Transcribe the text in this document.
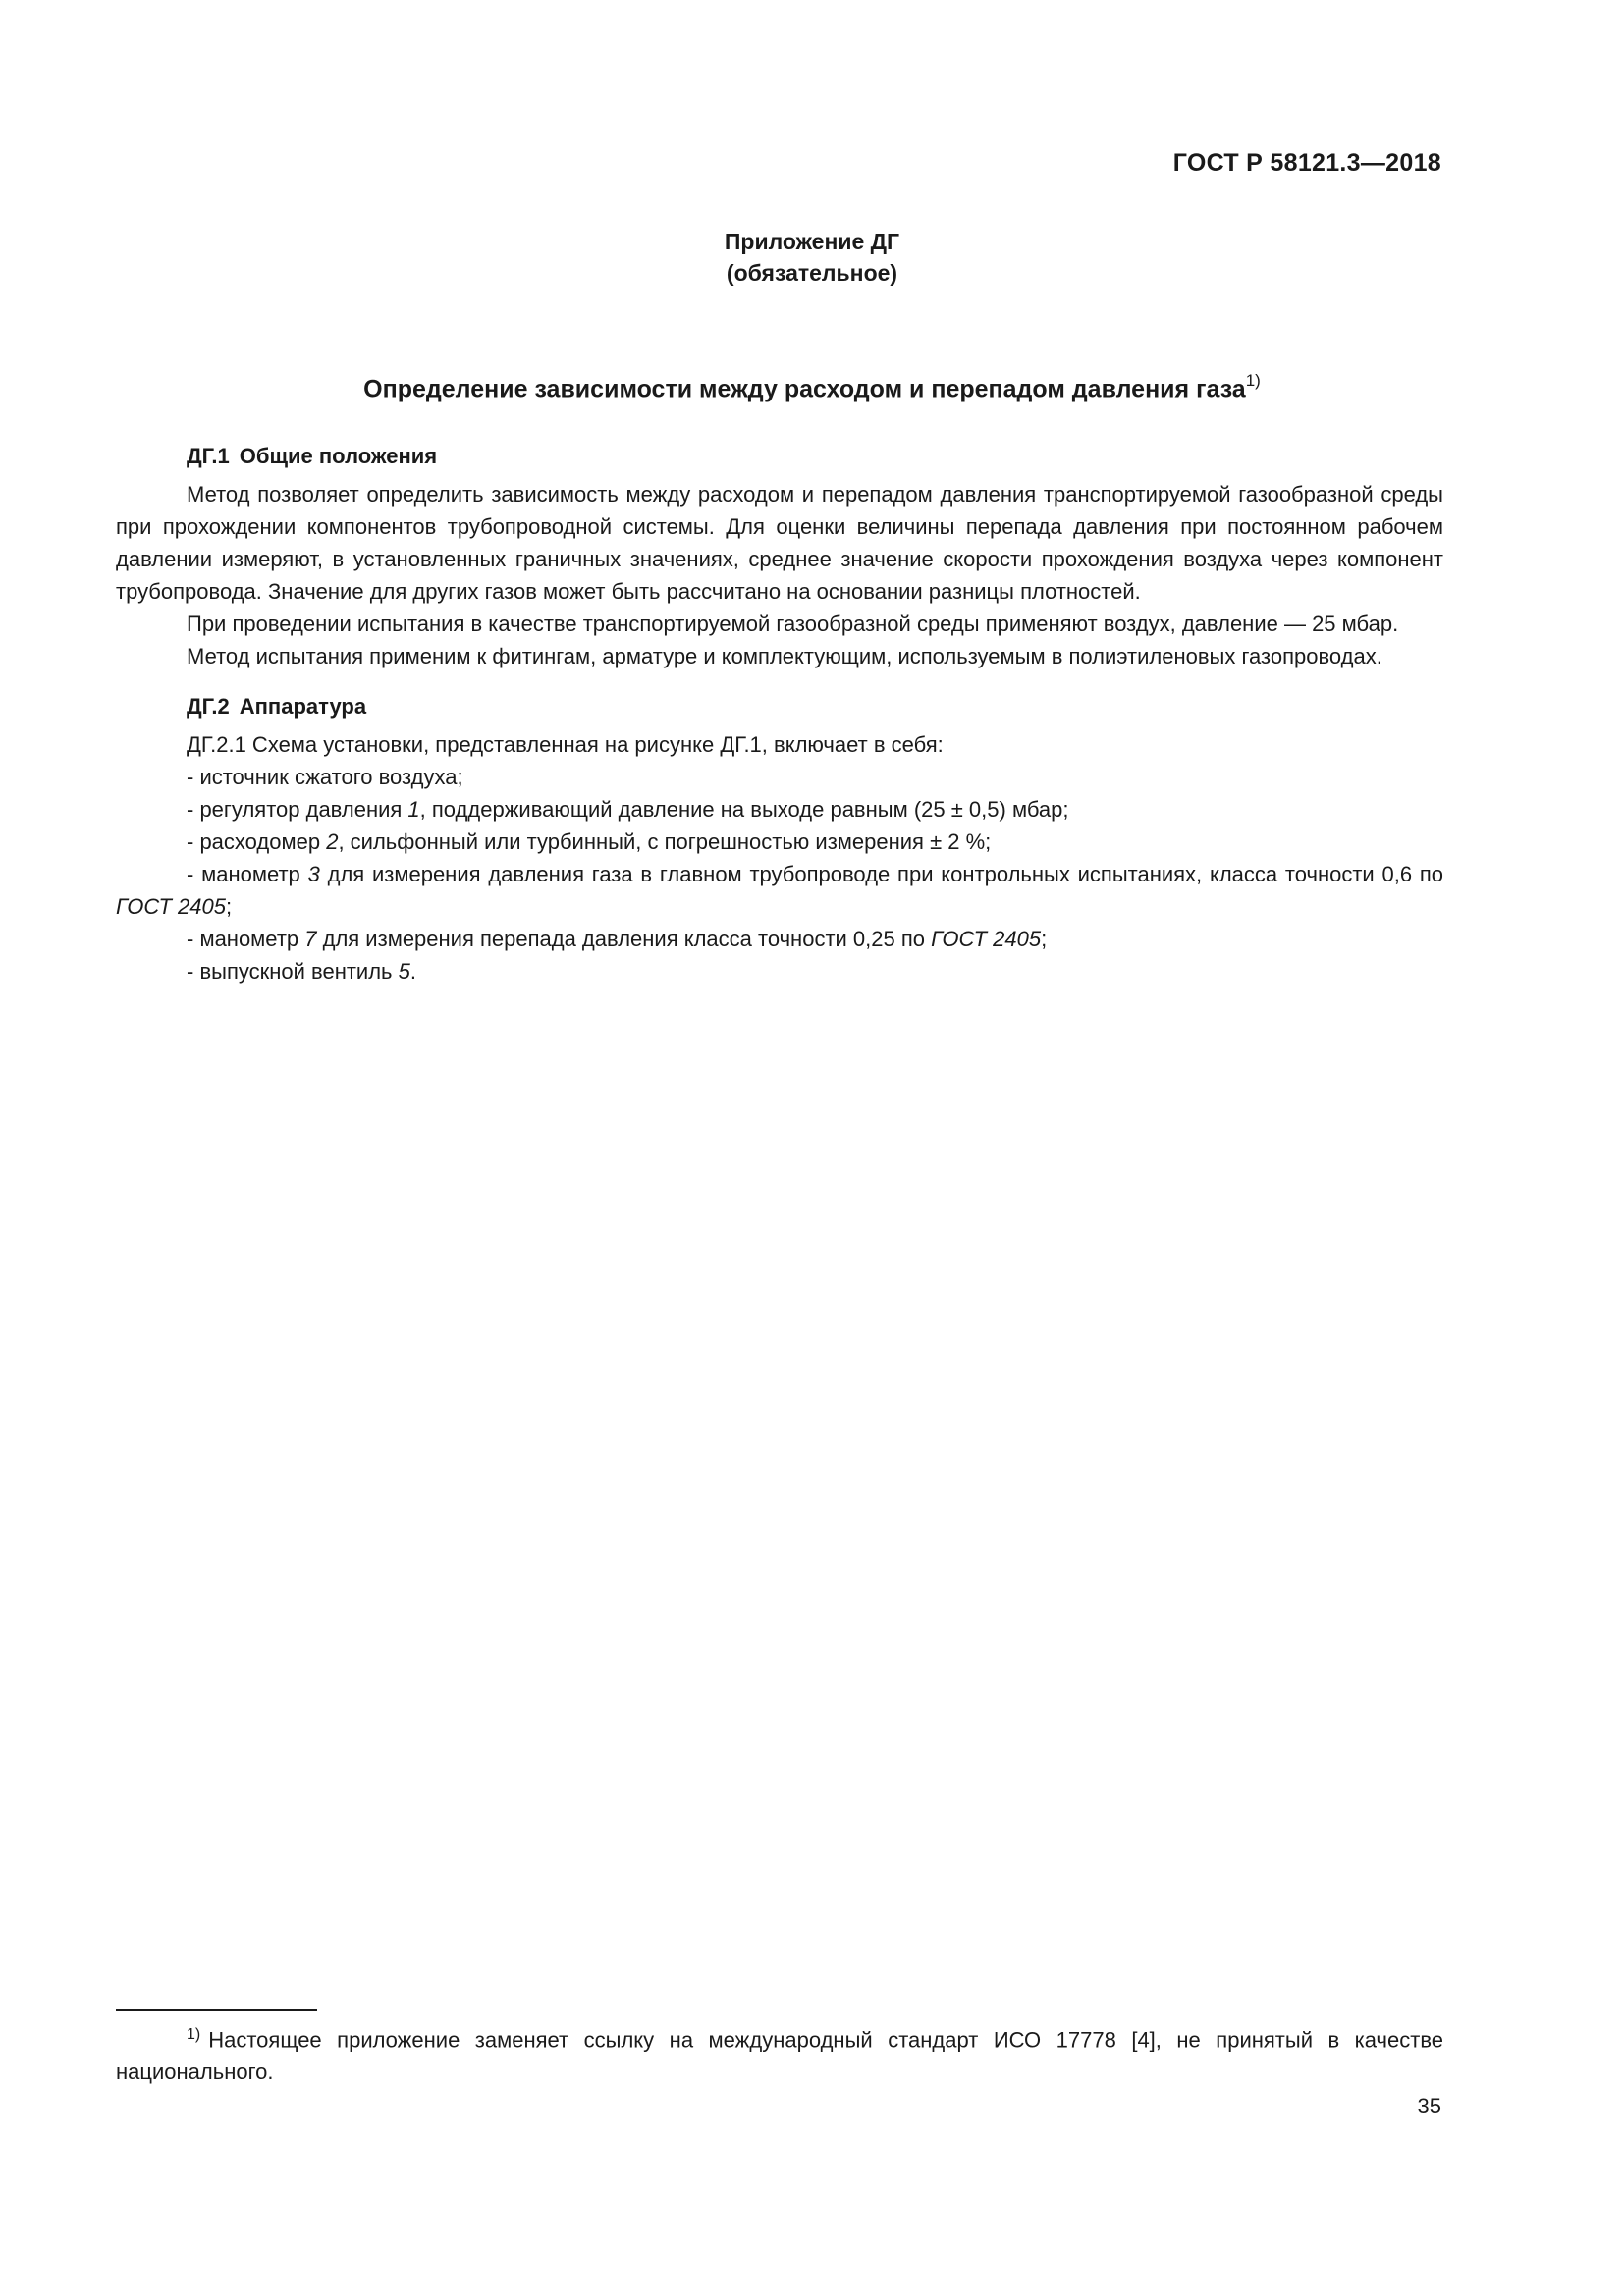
ГОСТ Р 58121.3—2018
Приложение ДГ
(обязательное)
Определение зависимости между расходом и перепадом давления газа$^{1)}$
ДГ.1 Общие положения

Метод позволяет определить зависимость между расходом и перепадом давления транспортируемой газообразной среды при прохождении компонентов трубопроводной системы. Для оценки величины перепада давления при постоянном рабочем давлении измеряют, в установленных граничных значениях, среднее значение скорости прохождения воздуха через компонент трубопровода. Значение для других газов может быть рассчитано на основании разницы плотностей.

При проведении испытания в качестве транспортируемой газообразной среды применяют воздух, давление — 25 мбар.

Метод испытания применим к фитингам, арматуре и комплектующим, используемым в полиэтиленовых газопроводах.

ДГ.2 Аппаратура

ДГ.2.1 Схема установки, представленная на рисунке ДГ.1, включает в себя:

- источник сжатого воздуха;

- регулятор давления 1, поддерживающий давление на выходе равным (25 ± 0,5) мбар;

- расходомер 2, сильфонный или турбинный, с погрешностью измерения ± 2 %;

- манометр 3 для измерения давления газа в главном трубопроводе при контрольных испытаниях, класса точности 0,6 по ГОСТ 2405;

- манометр 7 для измерения перепада давления класса точности 0,25 по ГОСТ 2405;

- выпускной вентиль 5.

$^{1)}$ Настоящее приложение заменяет ссылку на международный стандарт ИСО 17778 [4], не принятый в качестве национального.
35
